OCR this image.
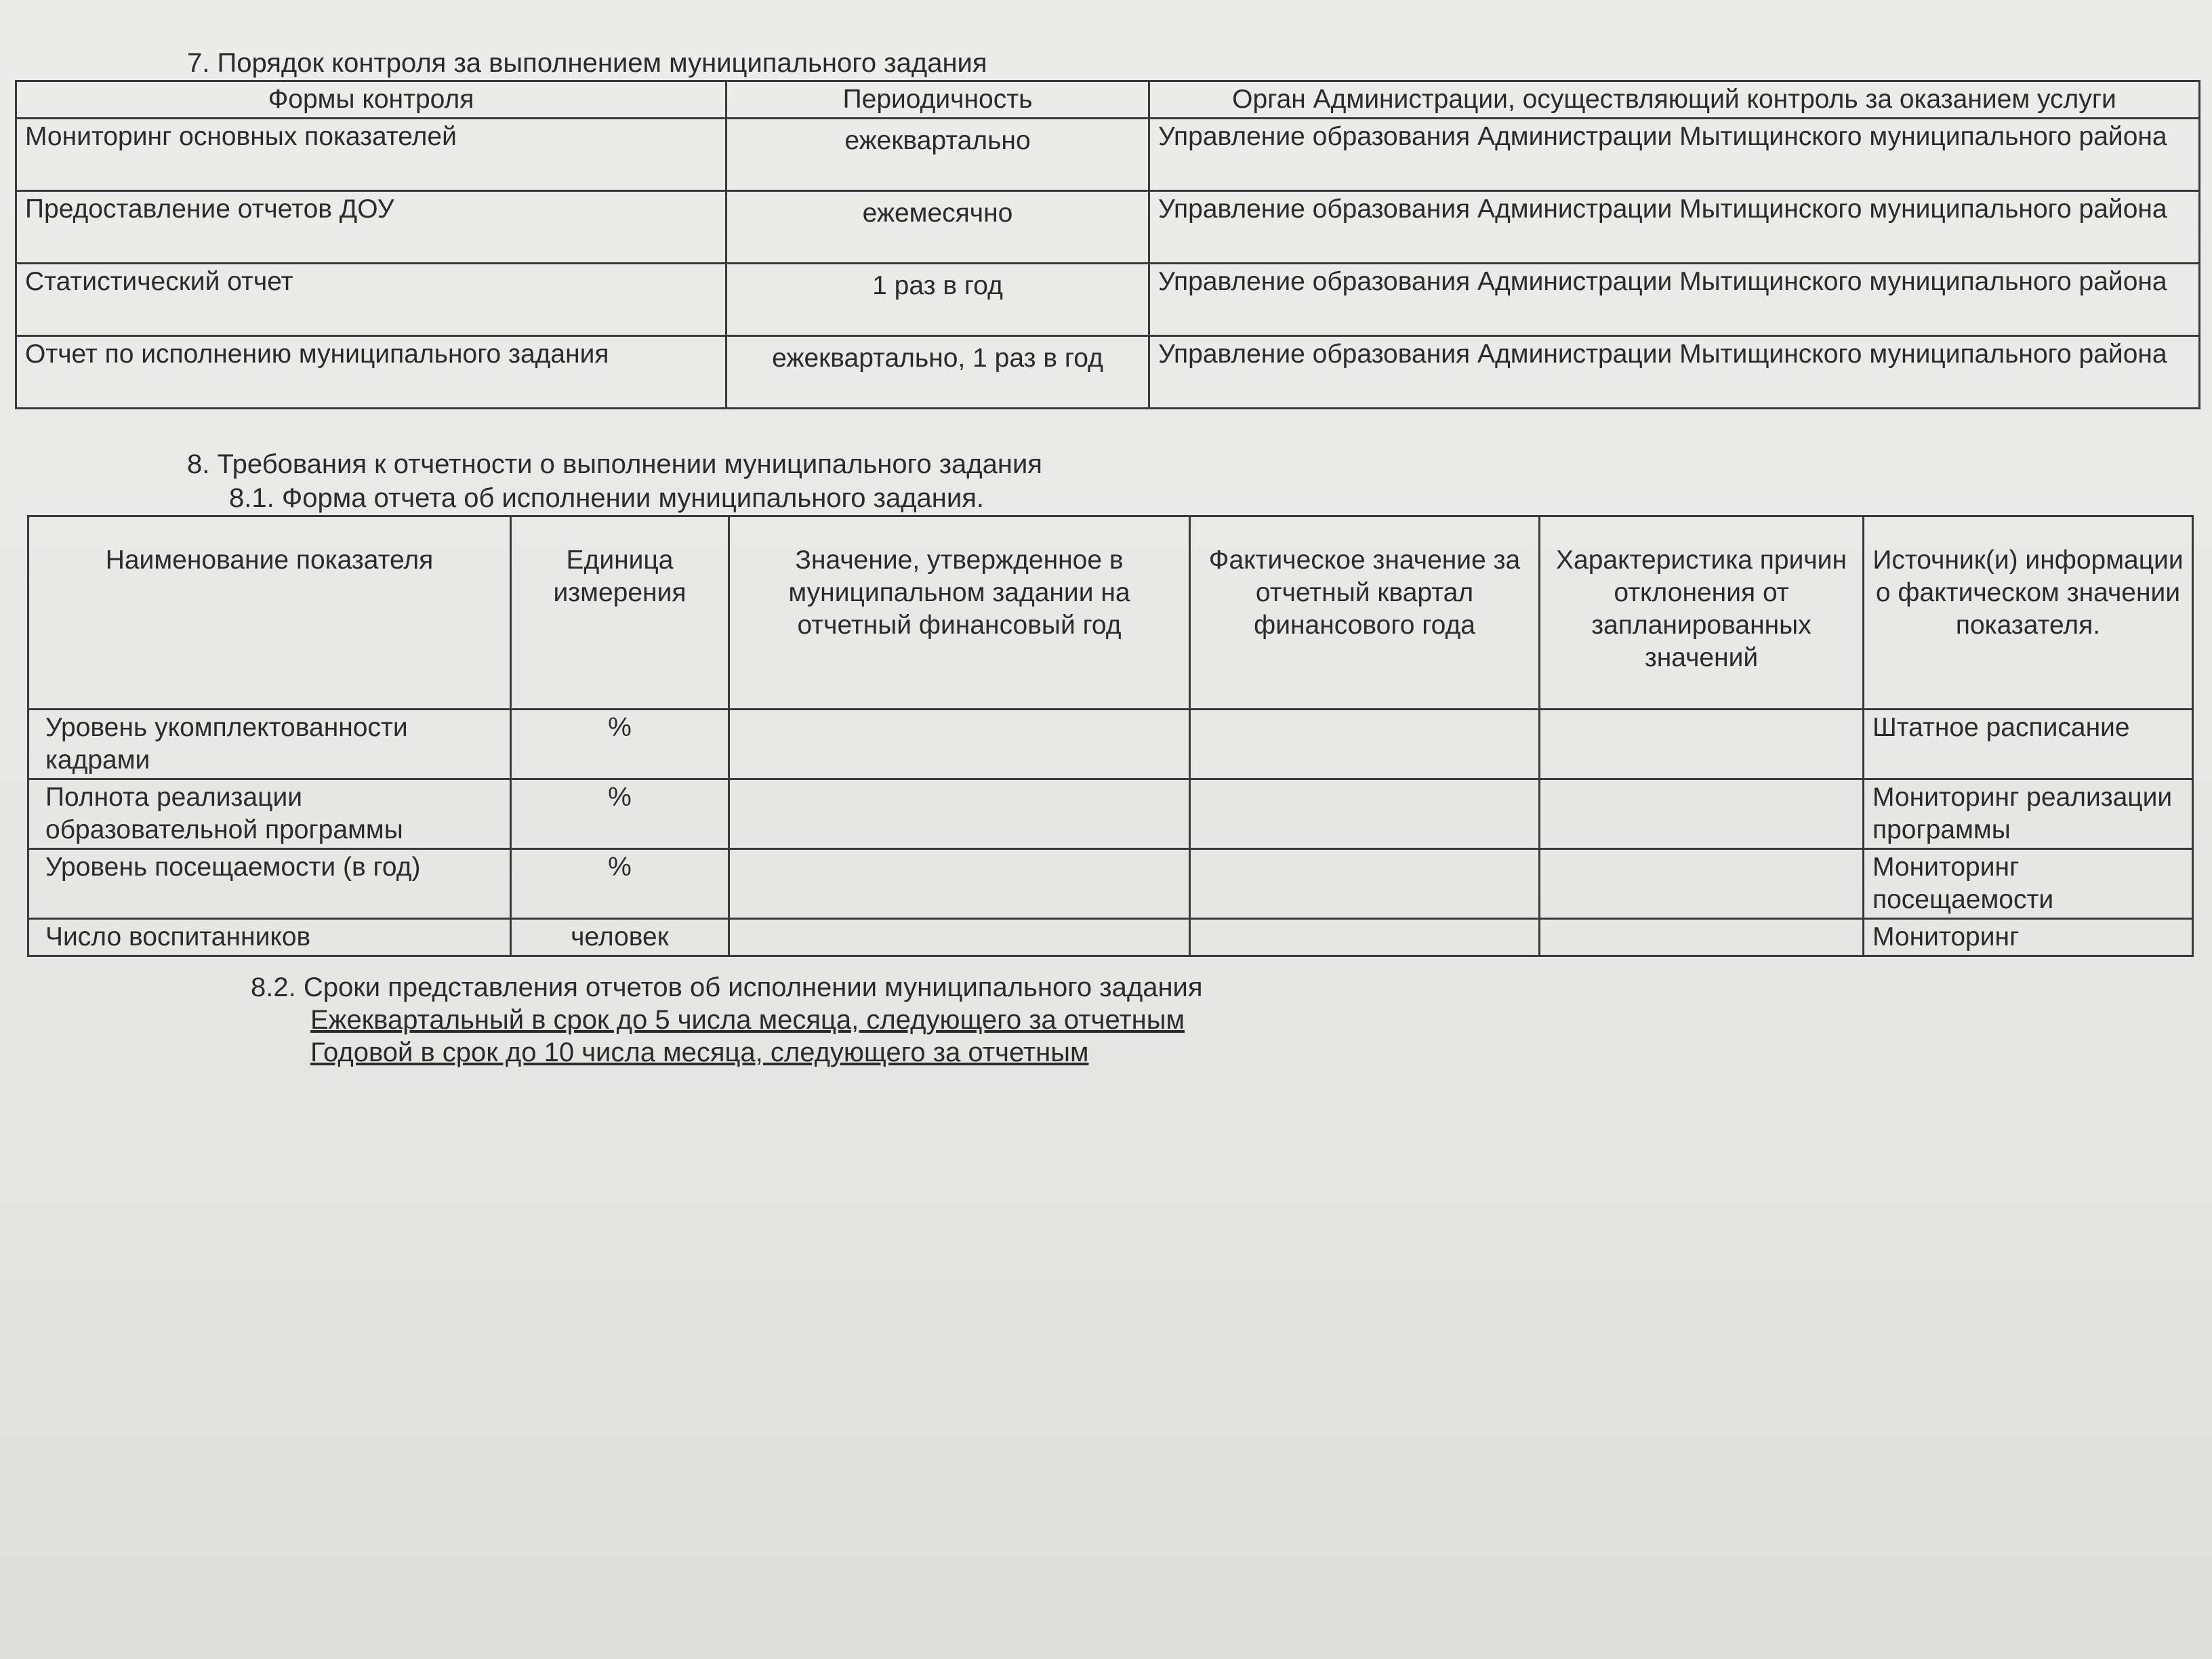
7. Порядок контроля за выполнением муниципального задания
Формы контроля	Периодичность	Орган Администрации, осуществляющий контроль за оказанием услуги
Мониторинг основных показателей	ежеквартально	Управление образования Администрации Мытищинского муниципального района
Предоставление отчетов ДОУ	ежемесячно	Управление образования Администрации Мытищинского муниципального района
Статистический отчет	1 раз в год	Управление образования Администрации Мытищинского муниципального района
Отчет по исполнению муниципального задания	ежеквартально, 1 раз в год	Управление образования Администрации Мытищинского муниципального района
8. Требования к отчетности о выполнении муниципального задания
8.1. Форма отчета об исполнении муниципального задания.
Наименование показателя	Единица измерения	Значение, утвержденное в муниципальном задании на отчетный финансовый год	Фактическое значение за отчетный квартал финансового года	Характеристика причин отклонения от запланированных значений	Источник(и) информации о фактическом значении показателя.
Уровень укомплектованности кадрами	%				Штатное расписание
Полнота реализации образовательной программы	%				Мониторинг реализации программы
Уровень посещаемости (в год)	%				Мониторинг посещаемости
Число воспитанников	человек				Мониторинг
8.2. Сроки представления отчетов об исполнении муниципального задания
Ежеквартальный в срок до 5 числа месяца, следующего за отчетным
Годовой в срок до 10 числа месяца, следующего за отчетным
